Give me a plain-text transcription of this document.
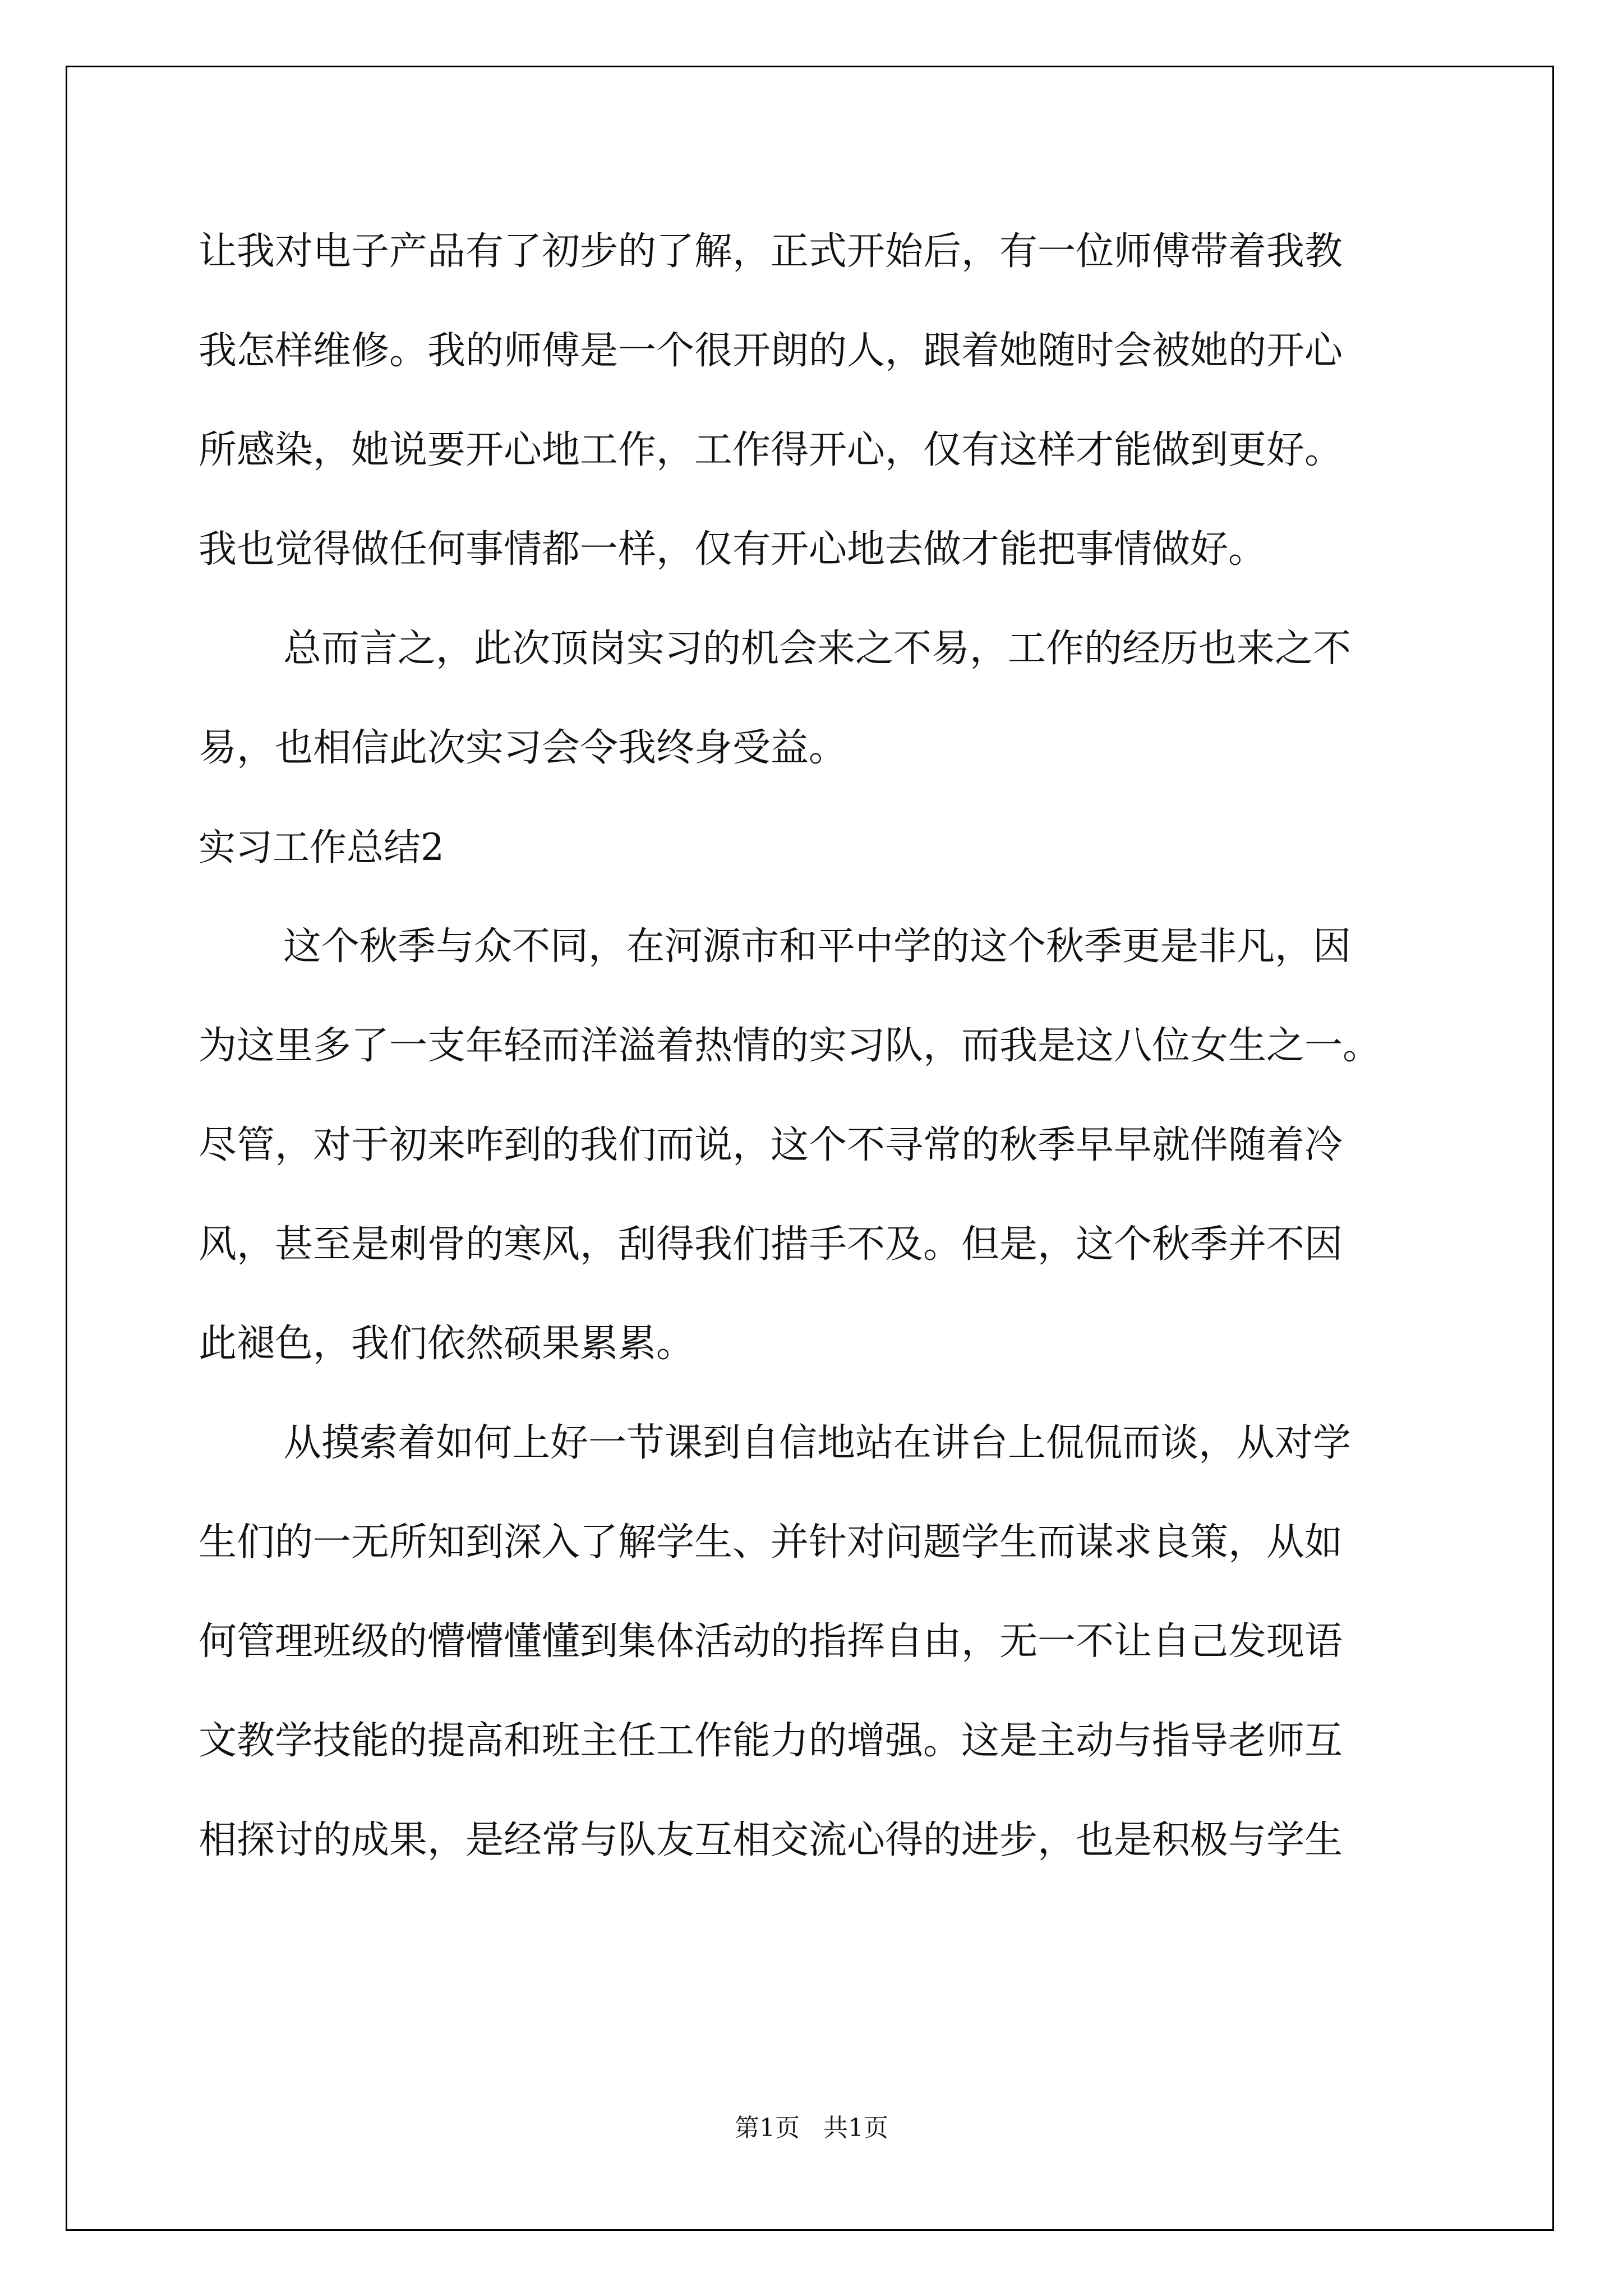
让我对电子产品有了初步的了解，正式开始后，有一位师傅带着我教
我怎样维修。我的师傅是一个很开朗的人，跟着她随时会被她的开心
所感染，她说要开心地工作，工作得开心，仅有这样才能做到更好。
我也觉得做任何事情都一样，仅有开心地去做才能把事情做好。
总而言之，此次顶岗实习的机会来之不易，工作的经历也来之不
易，也相信此次实习会令我终身受益。
实习工作总结2
这个秋季与众不同，在河源市和平中学的这个秋季更是非凡，因
为这里多了一支年轻而洋溢着热情的实习队，而我是这八位女生之一。
尽管，对于初来咋到的我们而说，这个不寻常的秋季早早就伴随着冷
风，甚至是刺骨的寒风，刮得我们措手不及。但是，这个秋季并不因
此褪色，我们依然硕果累累。
从摸索着如何上好一节课到自信地站在讲台上侃侃而谈，从对学
生们的一无所知到深入了解学生、并针对问题学生而谋求良策，从如
何管理班级的懵懵懂懂到集体活动的指挥自由，无一不让自己发现语
文教学技能的提高和班主任工作能力的增强。这是主动与指导老师互
相探讨的成果，是经常与队友互相交流心得的进步，也是积极与学生
第1页   共1页
